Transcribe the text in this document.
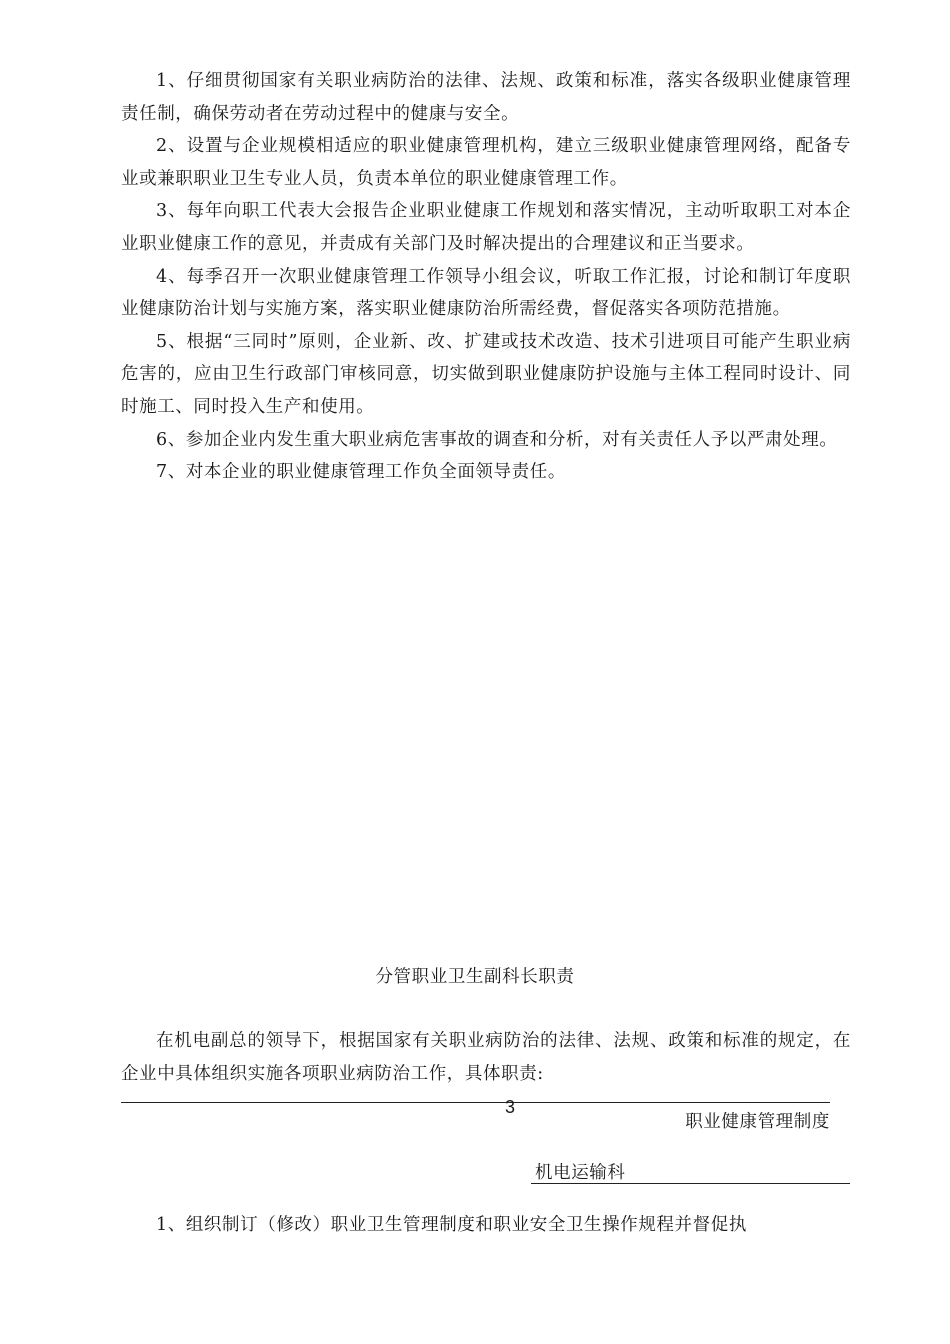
1、仔细贯彻国家有关职业病防治的法律、法规、政策和标准，落实各级职业健康管理责任制，确保劳动者在劳动过程中的健康与安全。

2、设置与企业规模相适应的职业健康管理机构，建立三级职业健康管理网络，配备专业或兼职职业卫生专业人员，负责本单位的职业健康管理工作。

3、每年向职工代表大会报告企业职业健康工作规划和落实情况，主动听取职工对本企业职业健康工作的意见，并责成有关部门及时解决提出的合理建议和正当要求。

4、每季召开一次职业健康管理工作领导小组会议，听取工作汇报，讨论和制订年度职业健康防治计划与实施方案，落实职业健康防治所需经费，督促落实各项防范措施。

5、根据“三同时”原则，企业新、改、扩建或技术改造、技术引进项目可能产生职业病危害的，应由卫生行政部门审核同意，切实做到职业健康防护设施与主体工程同时设计、同时施工、同时投入生产和使用。

6、参加企业内发生重大职业病危害事故的调查和分析，对有关责任人予以严肃处理。

7、对本企业的职业健康管理工作负全面领导责任。

分管职业卫生副科长职责

在机电副总的领导下，根据国家有关职业病防治的法律、法规、政策和标准的规定，在企业中具体组织实施各项职业病防治工作，具体职责:

3
职业健康管理制度
机电运输科

1、组织制订（修改）职业卫生管理制度和职业安全卫生操作规程并督促执
